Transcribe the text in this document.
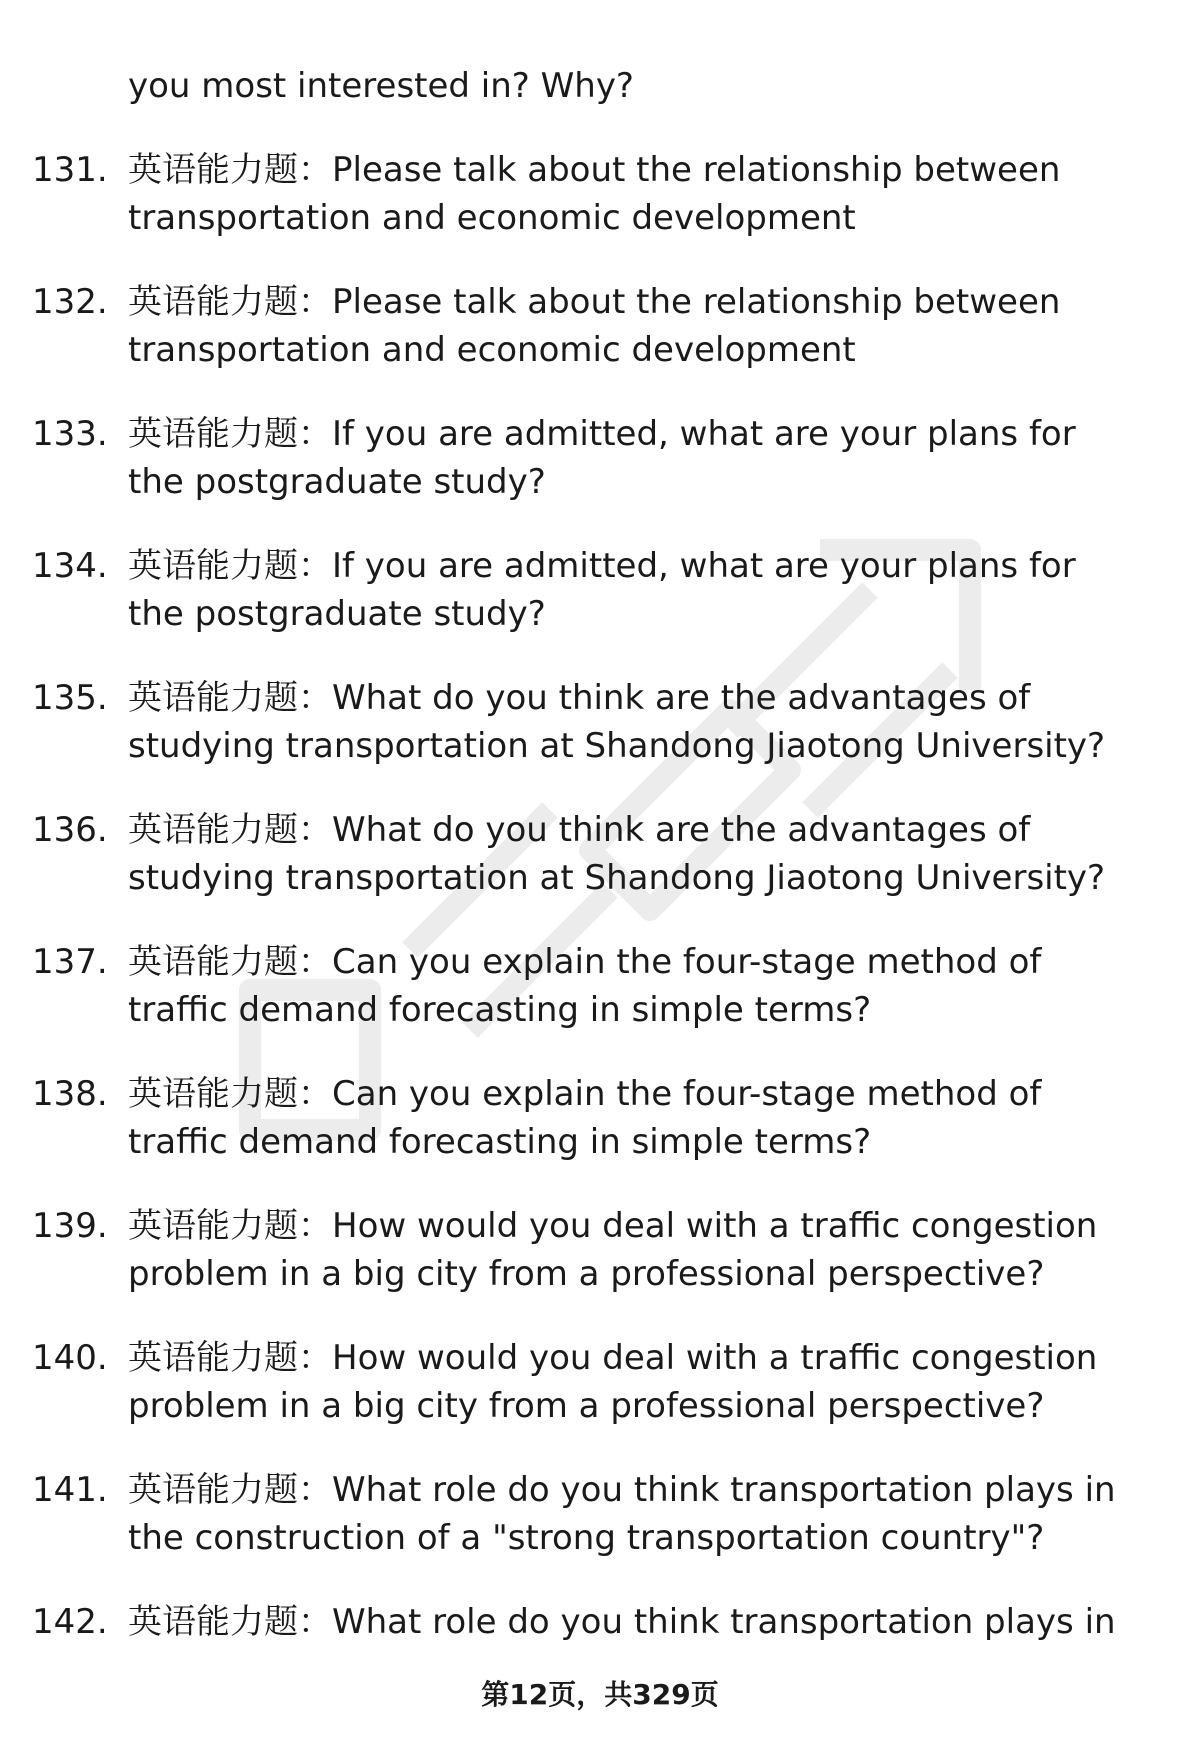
you most interested in? Why?
131. 英语能力题：Please talk about the relationship between
transportation and economic development
132. 英语能力题：Please talk about the relationship between
transportation and economic development
133. 英语能力题：If you are admitted, what are your plans for
the postgraduate study?
134. 英语能力题：If you are admitted, what are your plans for
the postgraduate study?
135. 英语能力题：What do you think are the advantages of
studying transportation at Shandong Jiaotong University?
136. 英语能力题：What do you think are the advantages of
studying transportation at Shandong Jiaotong University?
137. 英语能力题：Can you explain the four-stage method of
traffic demand forecasting in simple terms?
138. 英语能力题：Can you explain the four-stage method of
traffic demand forecasting in simple terms?
139. 英语能力题：How would you deal with a traffic congestion
problem in a big city from a professional perspective?
140. 英语能力题：How would you deal with a traffic congestion
problem in a big city from a professional perspective?
141. 英语能力题：What role do you think transportation plays in
the construction of a "strong transportation country"?
142. 英语能力题：What role do you think transportation plays in
第12页，共329页
